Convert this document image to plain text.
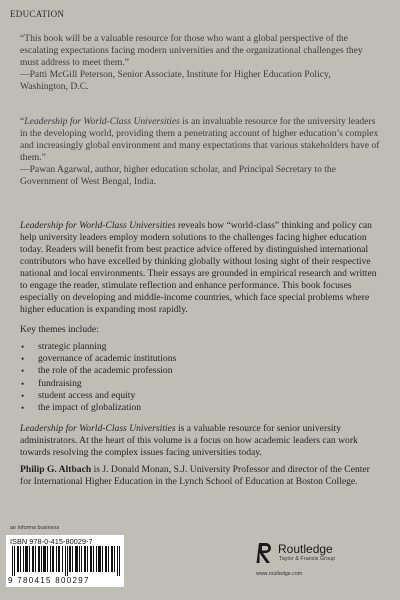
EDUCATION

“This book will be a valuable resource for those who want a global perspective of the escalating expectations facing modern universities and the organizational challenges they must address to meet them.”

—Patti McGill Peterson, Senior Associate, Institute for Higher Education Policy,

Washington, D.C.

“Leadership for World-Class Universities is an invaluable resource for the university leaders in the developing world, providing them a penetrating account of higher education’s complex and increasingly global environment and many expectations that various stakeholders have of them.”

—Pawan Agarwal, author, higher education scholar, and Principal Secretary to the

Government of West Bengal, India.

Leadership for World-Class Universities reveals how “world-class” thinking and policy can help university leaders employ modern solutions to the challenges facing higher education today. Readers will benefit from best practice advice offered by distinguished international contributors who have excelled by thinking globally without losing sight of their respective national and local environments. Their essays are grounded in empirical research and written to engage the reader, stimulate reflection and enhance performance. This book focuses especially on developing and middle-income countries, which face special problems where higher education is expanding most rapidly.

Key themes include:
• strategic planning
• governance of academic institutions
• the role of the academic profession
• fundraising
• student access and equity
• the impact of globalization

Leadership for World-Class Universities is a valuable resource for senior university administrators. At the heart of this volume is a focus on how academic leaders can work towards resolving the complex issues facing universities today.

Philip G. Altbach is J. Donald Monan, S.J. University Professor and director of the Center for International Higher Education in the Lynch School of Education at Boston College.

an informa business
ISBN 978-0-415-80029-7
9 780415 800297
Routledge
Taylor & Francis Group
www.routledge.com
